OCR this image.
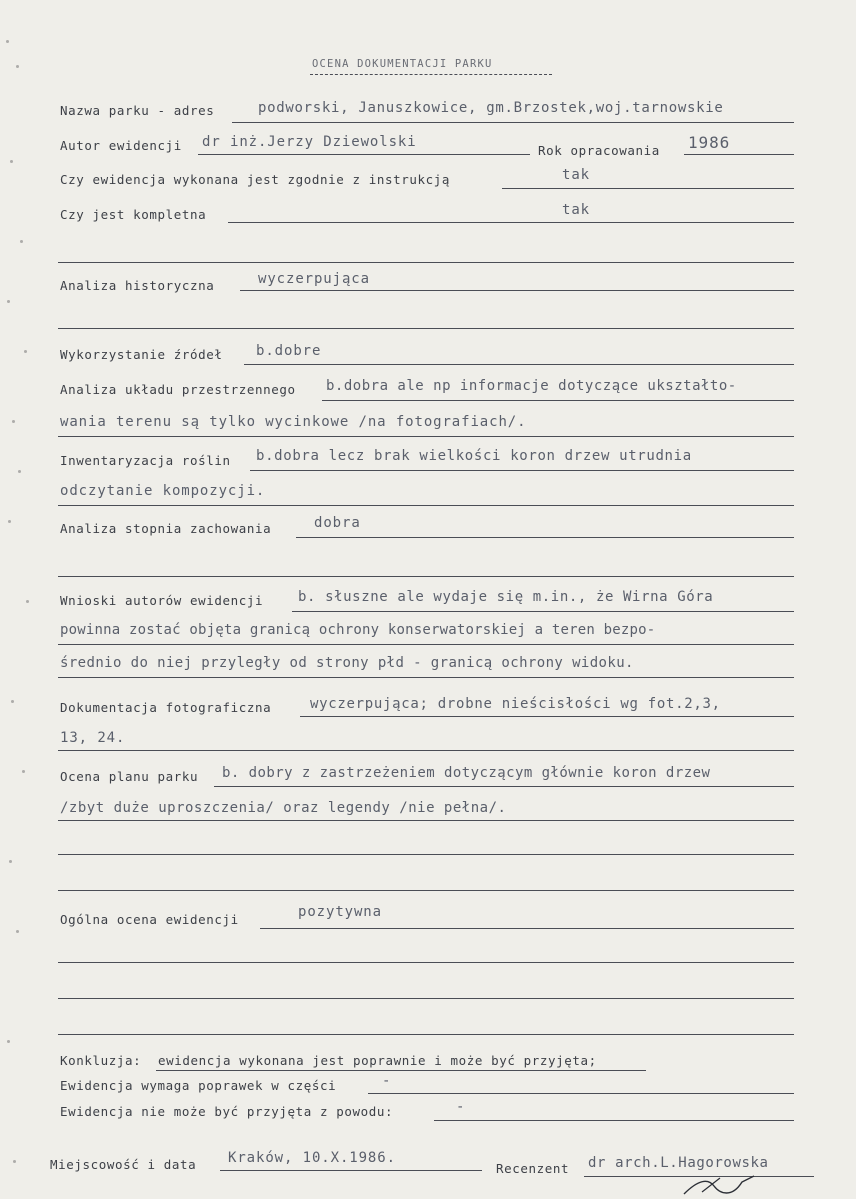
OCENA DOKUMENTACJI PARKU
Nazwa parku - adres	podworski, Januszkowice, gm.Brzostek,woj.tarnowskie
Autor ewidencji dr inż.Jerzy Dziewolski
Rok opracowania 1986
Czy ewidencja wykonana jest zgodnie z instrukcją	tak
Czy jest kompletna	tak
Analiza historyczna	wyczerpująca
Wykorzystanie źródeł b.dobre
Analiza układu przestrzennego b.dobra ale np informacje dotyczące ukształto-
wania terenu są tylko wycinkowe /na fotografiach/.
Inwentaryzacja roślin b.dobra lecz brak wielkości koron drzew utrudnia
odczytanie kompozycji.
Analiza stopnia zachowania	dobra
Wnioski autorów ewidencji b. słuszne ale wydaje się m.in., że Wirna Góra
powinna zostać objęta granicą ochrony konserwatorskiej a teren bezpo-
średnio do niej przyległy od strony płd - granicą ochrony widoku.
Dokumentacja fotograficzna	wyczerpująca; drobne nieścisłości wg fot.2,3,
13, 24.
Ocena planu parku b. dobry z zastrzeżeniem dotyczącym głównie koron drzew
/zbyt duże uproszczenia/ oraz legendy /nie pełna/.
Ogólna ocena ewidencji	pozytywna
Konkluzja: ewidencja wykonana jest poprawnie i może być przyjęta;
Ewidencja wymaga poprawek w części	-
Ewidencja nie może być przyjęta z powodu:	-
Miejscowość i data Kraków, 10.X.1986.
Recenzent dr arch.L.Hagorowska
